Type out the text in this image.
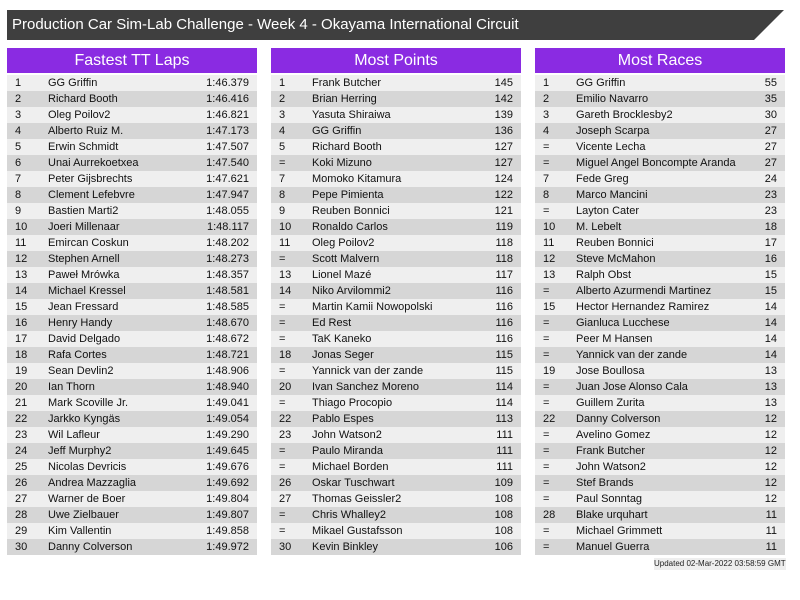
Production Car Sim-Lab Challenge - Week 4 - Okayama International Circuit
Fastest TT Laps
1 GG Griffin	1:46.379
2 Richard Booth	1:46.416
3 Oleg Poilov2	1:46.821
4 Alberto Ruiz M.	1:47.173
5 Erwin Schmidt	1:47.507
6 Unai Aurrekoetxea	1:47.540
7 Peter Gijsbrechts	1:47.621
8 Clement Lefebvre	1:47.947
9 Bastien Marti2	1:48.055
10 Joeri Millenaar	1:48.117
11 Emircan Coskun	1:48.202
12 Stephen Arnell	1:48.273
13 Paweł Mrówka	1:48.357
14 Michael Kressel	1:48.581
15 Jean Fressard	1:48.585
16 Henry Handy	1:48.670
17 David Delgado	1:48.672
18 Rafa Cortes	1:48.721
19 Sean Devlin2	1:48.906
20 Ian Thorn	1:48.940
21 Mark Scoville Jr.	1:49.041
22 Jarkko Kyngäs	1:49.054
23 Wil Lafleur	1:49.290
24 Jeff Murphy2	1:49.645
25 Nicolas Devricis	1:49.676
26 Andrea Mazzaglia	1:49.692
27 Warner de Boer	1:49.804
28 Uwe Zielbauer	1:49.807
29 Kim Vallentin	1:49.858
30 Danny Colverson	1:49.972
Most Points
1 Frank Butcher	145
2 Brian Herring	142
3 Yasuta Shiraiwa	139
4 GG Griffin	136
5 Richard Booth	127
= Koki Mizuno	127
7 Momoko Kitamura	124
8 Pepe Pimienta	122
9 Reuben Bonnici	121
10 Ronaldo Carlos	119
11 Oleg Poilov2	118
= Scott Malvern	118
13 Lionel Mazé	117
14 Niko Arvilommi2	116
= Martin Kamii Nowopolski	116
= Ed Rest	116
= TaK Kaneko	116
18 Jonas Seger	115
= Yannick van der zande	115
20 Ivan Sanchez Moreno	114
= Thiago Procopio	114
22 Pablo Espes	113
23 John Watson2	111
= Paulo Miranda	111
= Michael Borden	111
26 Oskar Tuschwart	109
27 Thomas Geissler2	108
= Chris Whalley2	108
= Mikael Gustafsson	108
30 Kevin Binkley	106
Most Races
1 GG Griffin	55
2 Emilio Navarro	35
3 Gareth Brocklesby2	30
4 Joseph Scarpa	27
= Vicente Lecha	27
= Miguel Angel Boncompte Aranda	27
7 Fede Greg	24
8 Marco Mancini	23
= Layton Cater	23
10 M. Lebelt	18
11 Reuben Bonnici	17
12 Steve McMahon	16
13 Ralph Obst	15
= Alberto Azurmendi Martinez	15
15 Hector Hernandez Ramirez	14
= Gianluca Lucchese	14
= Peer M Hansen	14
= Yannick van der zande	14
19 Jose Boullosa	13
= Juan Jose Alonso Cala	13
= Guillem Zurita	13
22 Danny Colverson	12
= Avelino Gomez	12
= Frank Butcher	12
= John Watson2	12
= Stef Brands	12
= Paul Sonntag	12
28 Blake urquhart	11
= Michael Grimmett	11
= Manuel Guerra	11
Updated 02-Mar-2022 03:58:59 GMT
